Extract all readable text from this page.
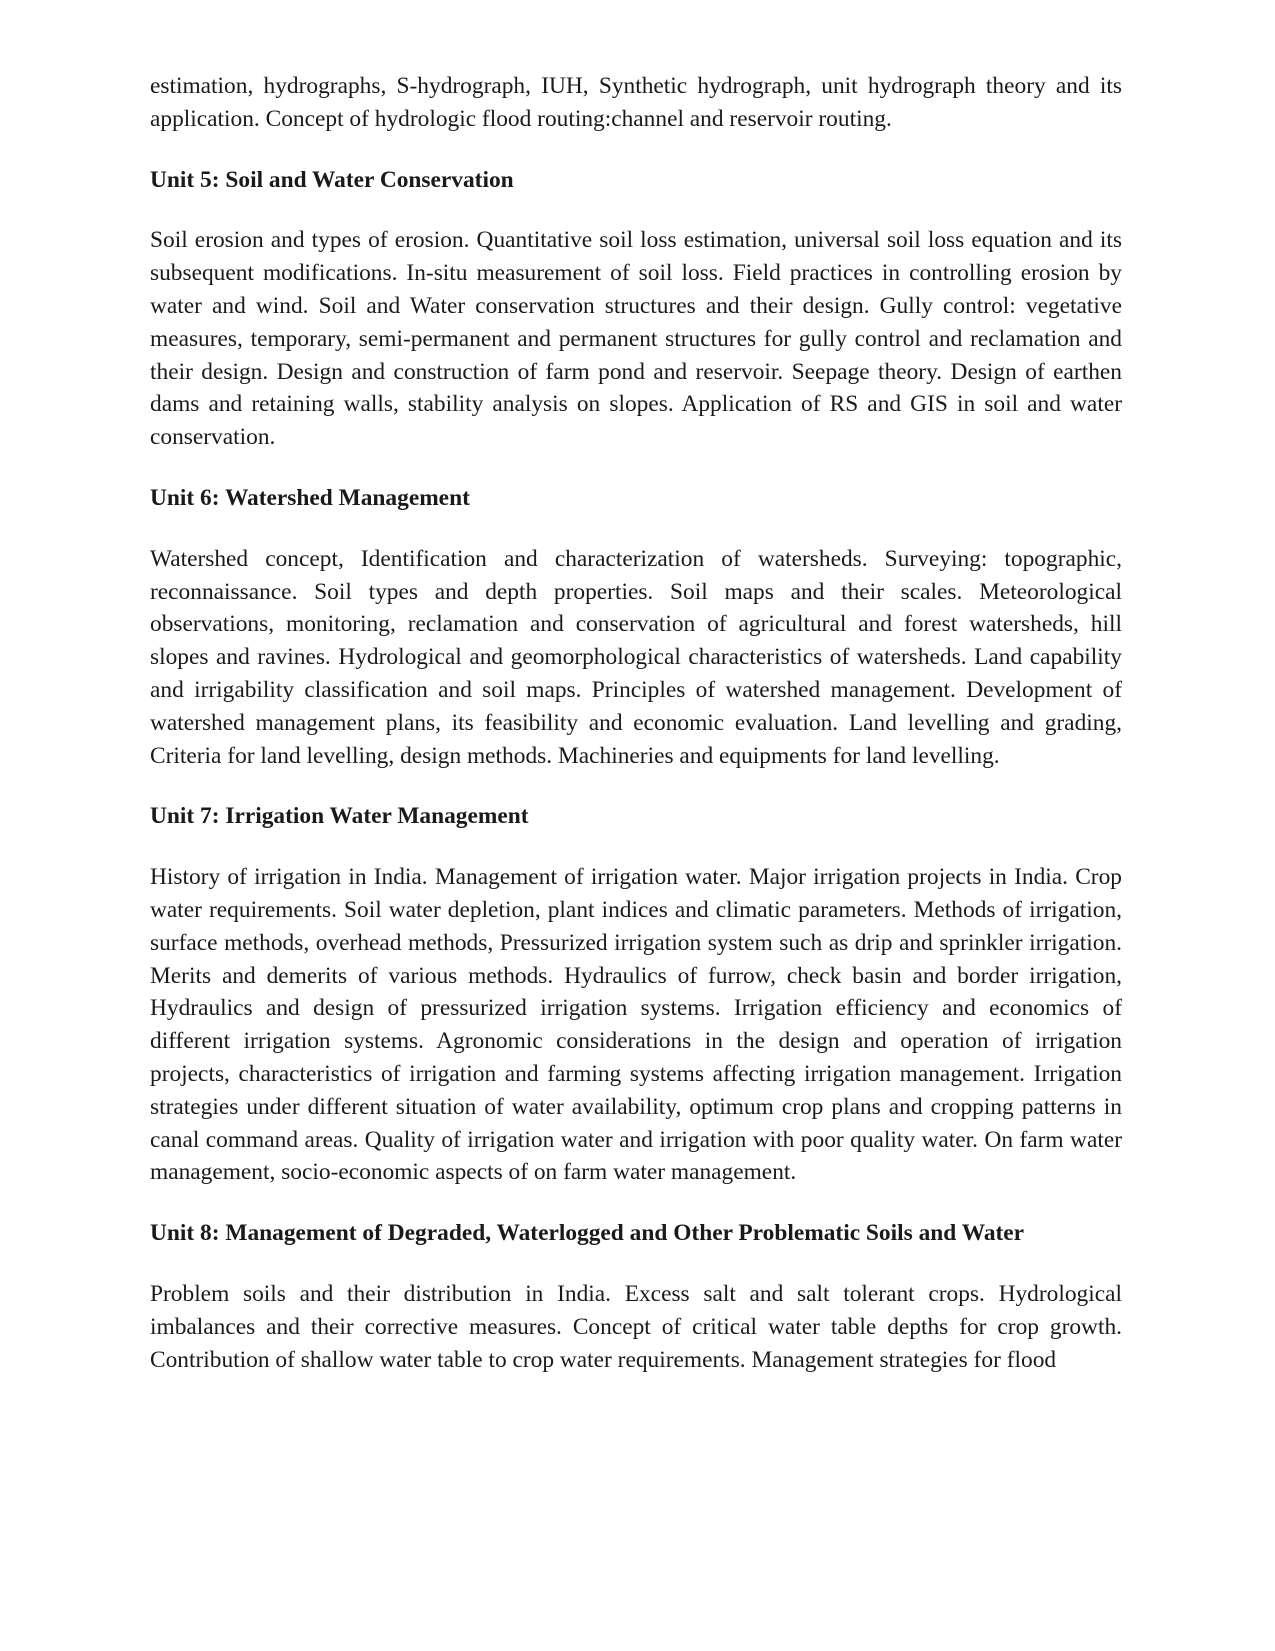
estimation, hydrographs, S-hydrograph, IUH, Synthetic hydrograph, unit hydrograph theory and its application. Concept of hydrologic flood routing:channel and reservoir routing.

Unit 5: Soil and Water Conservation

Soil erosion and types of erosion. Quantitative soil loss estimation, universal soil loss equation and its subsequent modifications. In-situ measurement of soil loss. Field practices in controlling erosion by water and wind. Soil and Water conservation structures and their design. Gully control: vegetative measures, temporary, semi-permanent and permanent structures for gully control and reclamation and their design. Design and construction of farm pond and reservoir. Seepage theory. Design of earthen dams and retaining walls, stability analysis on slopes. Application of RS and GIS in soil and water conservation.

Unit 6: Watershed Management

Watershed concept, Identification and characterization of watersheds. Surveying: topographic, reconnaissance. Soil types and depth properties. Soil maps and their scales. Meteorological observations, monitoring, reclamation and conservation of agricultural and forest watersheds, hill slopes and ravines. Hydrological and geomorphological characteristics of watersheds. Land capability and irrigability classification and soil maps. Principles of watershed management. Development of watershed management plans, its feasibility and economic evaluation. Land levelling and grading, Criteria for land levelling, design methods. Machineries and equipments for land levelling.

Unit 7: Irrigation Water Management

History of irrigation in India. Management of irrigation water. Major irrigation projects in India. Crop water requirements. Soil water depletion, plant indices and climatic parameters. Methods of irrigation, surface methods, overhead methods, Pressurized irrigation system such as drip and sprinkler irrigation. Merits and demerits of various methods. Hydraulics of furrow, check basin and border irrigation, Hydraulics and design of pressurized irrigation systems. Irrigation efficiency and economics of different irrigation systems. Agronomic considerations in the design and operation of irrigation projects, characteristics of irrigation and farming systems affecting irrigation management. Irrigation strategies under different situation of water availability, optimum crop plans and cropping patterns in canal command areas. Quality of irrigation water and irrigation with poor quality water. On farm water management, socio-economic aspects of on farm water management.

Unit 8: Management of Degraded, Waterlogged and Other Problematic Soils and Water

Problem soils and their distribution in India. Excess salt and salt tolerant crops. Hydrological imbalances and their corrective measures. Concept of critical water table depths for crop growth. Contribution of shallow water table to crop water requirements. Management strategies for flood
